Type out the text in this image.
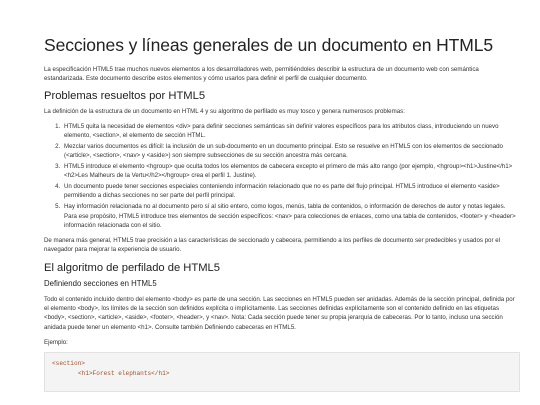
Secciones y líneas generales de un documento en HTML5

La especificación HTML5 trae muchos nuevos elementos a los desarrolladores web, permitiéndoles describir la estructura de un documento web con semántica estandarizada. Este documento describe estos elementos y cómo usarlos para definir el perfil de cualquier documento.

Problemas resueltos por HTML5

La definición de la estructura de un documento en HTML 4 y su algoritmo de perfilado es muy tosco y genera numerosos problemas:

1. HTML5 quita la necesidad de elementos <div> para definir secciones semánticas sin definir valores específicos para los atributos class, introduciendo un nuevo elemento, <section>, el elemento de sección HTML.
2. Mezclar varios documentos es difícil: la inclusión de un sub-documento en un documento principal. Esto se resuelve en HTML5 con los elementos de seccionado (<article>, <section>, <nav> y <aside>) son siempre subsecciones de su sección ancestra más cercana.
3. HTML5 introduce el elemento <hgroup> que oculta todos los elementos de cabecera excepto el primero de más alto rango (por ejemplo, <hgroup><h1>Justine</h1><h2>Les Malheurs de la Vertu</h2></hgroup> crea el perfil 1. Justine).
4. Un documento puede tener secciones especiales conteniendo información relacionado que no es parte del flujo principal. HTML5 introduce el elemento <aside> permitiendo a dichas secciones no ser parte del perfil principal.
5. Hay información relacionada no al documento pero sí al sitio entero, como logos, menús, tabla de contenidos, o información de derechos de autor y notas legales. Para ese propósito, HTML5 introduce tres elementos de sección específicos: <nav> para colecciones de enlaces, como una tabla de contenidos, <footer> y <header> información relacionada con el sitio.

De manera más general, HTML5 trae precisión a las características de seccionado y cabecera, permitiendo a los perfiles de documento ser predecibles y usados por el navegador para mejorar la experiencia de usuario.

El algoritmo de perfilado de HTML5
Definiendo secciones en HTML5

Todo el contenido incluido dentro del elemento <body> es parte de una sección. Las secciones en HTML5 pueden ser anidadas. Además de la sección principal, definida por el elemento <body>, los límites de la sección son definidos explícita o implícitamente. Las secciones definidas explícitamente son el contenido definido en las etiquetas <body>, <section>, <article>, <aside>, <footer>, <header>, y <nav>. Nota: Cada sección puede tener su propia jerarquía de cabeceras. Por lo tanto, incluso una sección anidada puede tener un elemento <h1>. Consulte también Definiendo cabeceras en HTML5.

Ejemplo:

<section>
<h1>Forest elephants</h1>
